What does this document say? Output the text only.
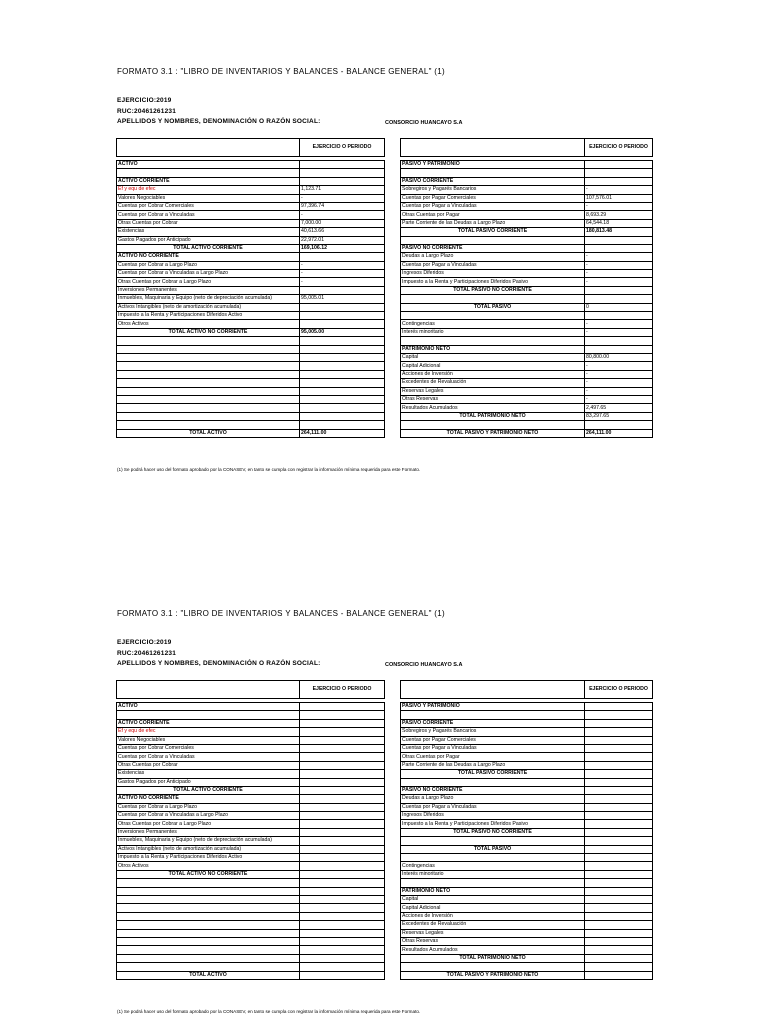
FORMATO 3.1 : "LIBRO DE INVENTARIOS Y BALANCES - BALANCE GENERAL" (1)
EJERCICIO:2019
RUC:20461261231
APELLIDOS Y NOMBRES, DENOMINACIÓN O RAZÓN SOCIAL:	CONSORCIO HUANCAYO S.A
	EJERCICIO O PERIODO

ACTIVO	

ACTIVO CORRIENTE	
Ef y equ de efec	1,123.71
Valores Negociables	-
Cuentas por Cobrar Comerciales	97,396.74
Cuentas por Cobrar a Vinculadas	-
Otras Cuentas por Cobrar	7,000.00
Existencias	40,613.66
Gastos Pagados por Anticipado	22,972.01
TOTAL ACTIVO CORRIENTE	169,106.12
ACTIVO NO CORRIENTE	
Cuentas por Cobrar a Largo Plazo	-
Cuentas por Cobrar a Vinculadas a Largo Plazo	-
Otras Cuentas por Cobrar a Largo Plazo	-
Inversiones Permanentes	
Inmuebles, Maquinaria y Equipo (neto de depreciación acumulada)	95,005.01
Activos Intangibles (neto de amortización acumulada)	
Impuesto a la Renta y Participaciones Diferidos Activo	
Otros Activos	
TOTAL ACTIVO NO CORRIENTE	95,005.00

TOTAL ACTIVO	264,111.00
	EJERCICIO O PERIODO

PASIVO Y PATRIMONIO	

PASIVO CORRIENTE	
Sobregiros y Pagarés Bancarios	-
Cuentas por Pagar Comerciales	107,576.01
Cuentas por Pagar a Vinculadas	-
Otras Cuentas por Pagar	8,693.29
Parte Corriente de las Deudas a Largo Plazo	64,544.18
TOTAL PASIVO CORRIENTE	180,813.48

PASIVO NO CORRIENTE	
Deudas a Largo Plazo	-
Cuentas por Pagar a Vinculadas	-
Ingresos Diferidos	-
Impuesto a la Renta y Participaciones Diferidos Pasivo	-
TOTAL PASIVO NO CORRIENTE	

TOTAL PASIVO	0

Contingencias	-
Interés minoritario	-

PATRIMONIO NETO	
Capital	80,800.00
Capital Adicional	-
Acciones de Inversión	-
Excedentes de Revaluación	-
Reservas Legales	-
Otras Reservas	-
Resultados Acumulados	2,497.65
TOTAL PATRIMONIO NETO	83,297.65

TOTAL PASIVO Y PATRIMONIO NETO	264,111.00
(1) Se podrá hacer uso del formato aprobado por la CONASEV, en tanto se cumpla con registrar la información mínima requerida para este Formato.
FORMATO 3.1 : "LIBRO DE INVENTARIOS Y BALANCES - BALANCE GENERAL" (1)
EJERCICIO:2019
RUC:20461261231
APELLIDOS Y NOMBRES, DENOMINACIÓN O RAZÓN SOCIAL:	CONSORCIO HUANCAYO S.A
	EJERCICIO O PERIODO

ACTIVO	

ACTIVO CORRIENTE	
Ef y equ de efec	
Valores Negociables	
Cuentas por Cobrar Comerciales	
Cuentas por Cobrar a Vinculadas	
Otras Cuentas por Cobrar	
Existencias	
Gastos Pagados por Anticipado	
TOTAL ACTIVO CORRIENTE	
ACTIVO NO CORRIENTE	
Cuentas por Cobrar a Largo Plazo	
Cuentas por Cobrar a Vinculadas a Largo Plazo	
Otras Cuentas por Cobrar a Largo Plazo	
Inversiones Permanentes	
Inmuebles, Maquinaria y Equipo (neto de depreciación acumulada)	
Activos Intangibles (neto de amortización acumulada)	
Impuesto a la Renta y Participaciones Diferidos Activo	
Otros Activos	
TOTAL ACTIVO NO CORRIENTE	

TOTAL ACTIVO	
	EJERCICIO O PERIODO

PASIVO Y PATRIMONIO	

PASIVO CORRIENTE	
Sobregiros y Pagarés Bancarios	
Cuentas por Pagar Comerciales	
Cuentas por Pagar a Vinculadas	
Otras Cuentas por Pagar	
Parte Corriente de las Deudas a Largo Plazo	
TOTAL PASIVO CORRIENTE	

PASIVO NO CORRIENTE	
Deudas a Largo Plazo	
Cuentas por Pagar a Vinculadas	
Ingresos Diferidos	
Impuesto a la Renta y Participaciones Diferidos Pasivo	
TOTAL PASIVO NO CORRIENTE	

TOTAL PASIVO	

Contingencias	
Interés minoritario	

PATRIMONIO NETO	
Capital	
Capital Adicional	
Acciones de Inversión	
Excedentes de Revaluación	
Reservas Legales	
Otras Reservas	
Resultados Acumulados	
TOTAL PATRIMONIO NETO	

TOTAL PASIVO Y PATRIMONIO NETO	
(1) Se podrá hacer uso del formato aprobado por la CONASEV, en tanto se cumpla con registrar la información mínima requerida para este Formato.
